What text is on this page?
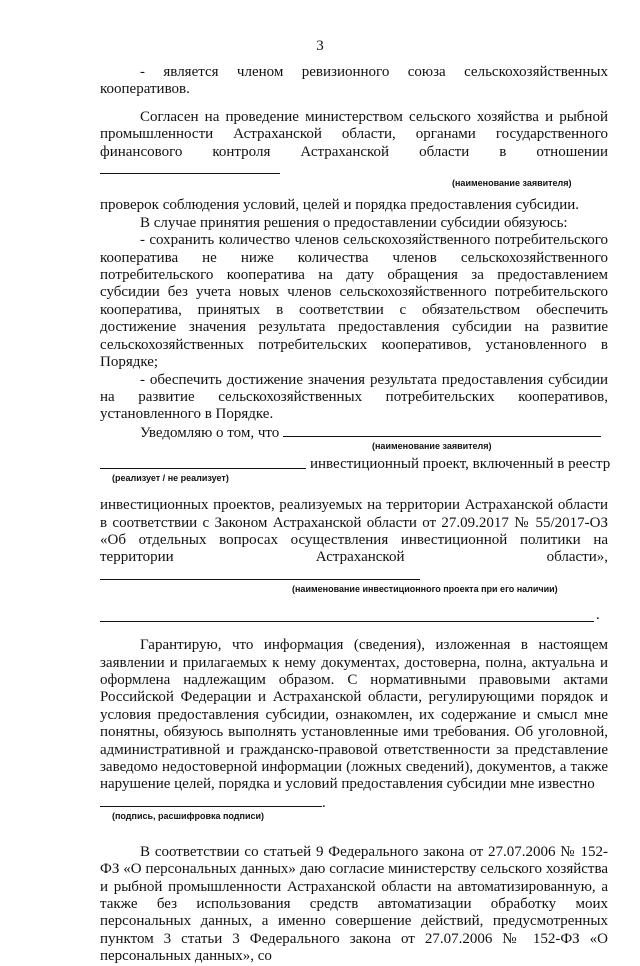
3

- является членом ревизионного союза сельскохозяйственных кооперативов.

Согласен на проведение министерством сельского хозяйства и рыбной промышленности Астраханской области, органами государственного финансового контроля Астраханской области в отношении

(наименование заявителя)

проверок соблюдения условий, целей и порядка предоставления субсидии.

В случае принятия решения о предоставлении субсидии обязуюсь:

- сохранить количество членов сельскохозяйственного потребительского кооператива не ниже количества членов сельскохозяйственного потребительского кооператива на дату обращения за предоставлением субсидии без учета новых членов сельскохозяйственного потребительского кооператива, принятых в соответствии с обязательством обеспечить достижение значения результата предоставления субсидии на развитие сельскохозяйственных потребительских кооперативов, установленного в Порядке;

- обеспечить достижение значения результата предоставления субсидии на развитие сельскохозяйственных потребительских кооперативов, установленного в Порядке.

Уведомляю о том, что

(наименование заявителя)
инвестиционный проект, включенный в реестр
(реализует / не реализует)

инвестиционных проектов, реализуемых на территории Астраханской области в соответствии с Законом Астраханской области от 27.09.2017 № 55/2017-ОЗ «Об отдельных вопросах осуществления инвестиционной политики на территории Астраханской области»,

(наименование инвестиционного проекта при его наличии)
.

Гарантирую, что информация (сведения), изложенная в настоящем заявлении и прилагаемых к нему документах, достоверна, полна, актуальна и оформлена надлежащим образом. С нормативными правовыми актами Российской Федерации и Астраханской области, регулирующими порядок и условия предоставления субсидии, ознакомлен, их содержание и смысл мне понятны, обязуюсь выполнять установленные ими требования. Об уголовной, административной и гражданско-правовой ответственности за представление заведомо недостоверной информации (ложных сведений), документов, а также нарушение целей, порядка и условий предоставления субсидии мне известно

.
(подпись, расшифровка подписи)

В соответствии со статьей 9 Федерального закона от 27.07.2006 № 152-ФЗ «О персональных данных» даю согласие министерству сельского хозяйства и рыбной промышленности Астраханской области на автоматизированную, а также без использования средств автоматизации обработку моих персональных данных, а именно совершение действий, предусмотренных пунктом 3 статьи 3 Федерального закона от 27.07.2006 № 152-ФЗ «О персональных данных», со
